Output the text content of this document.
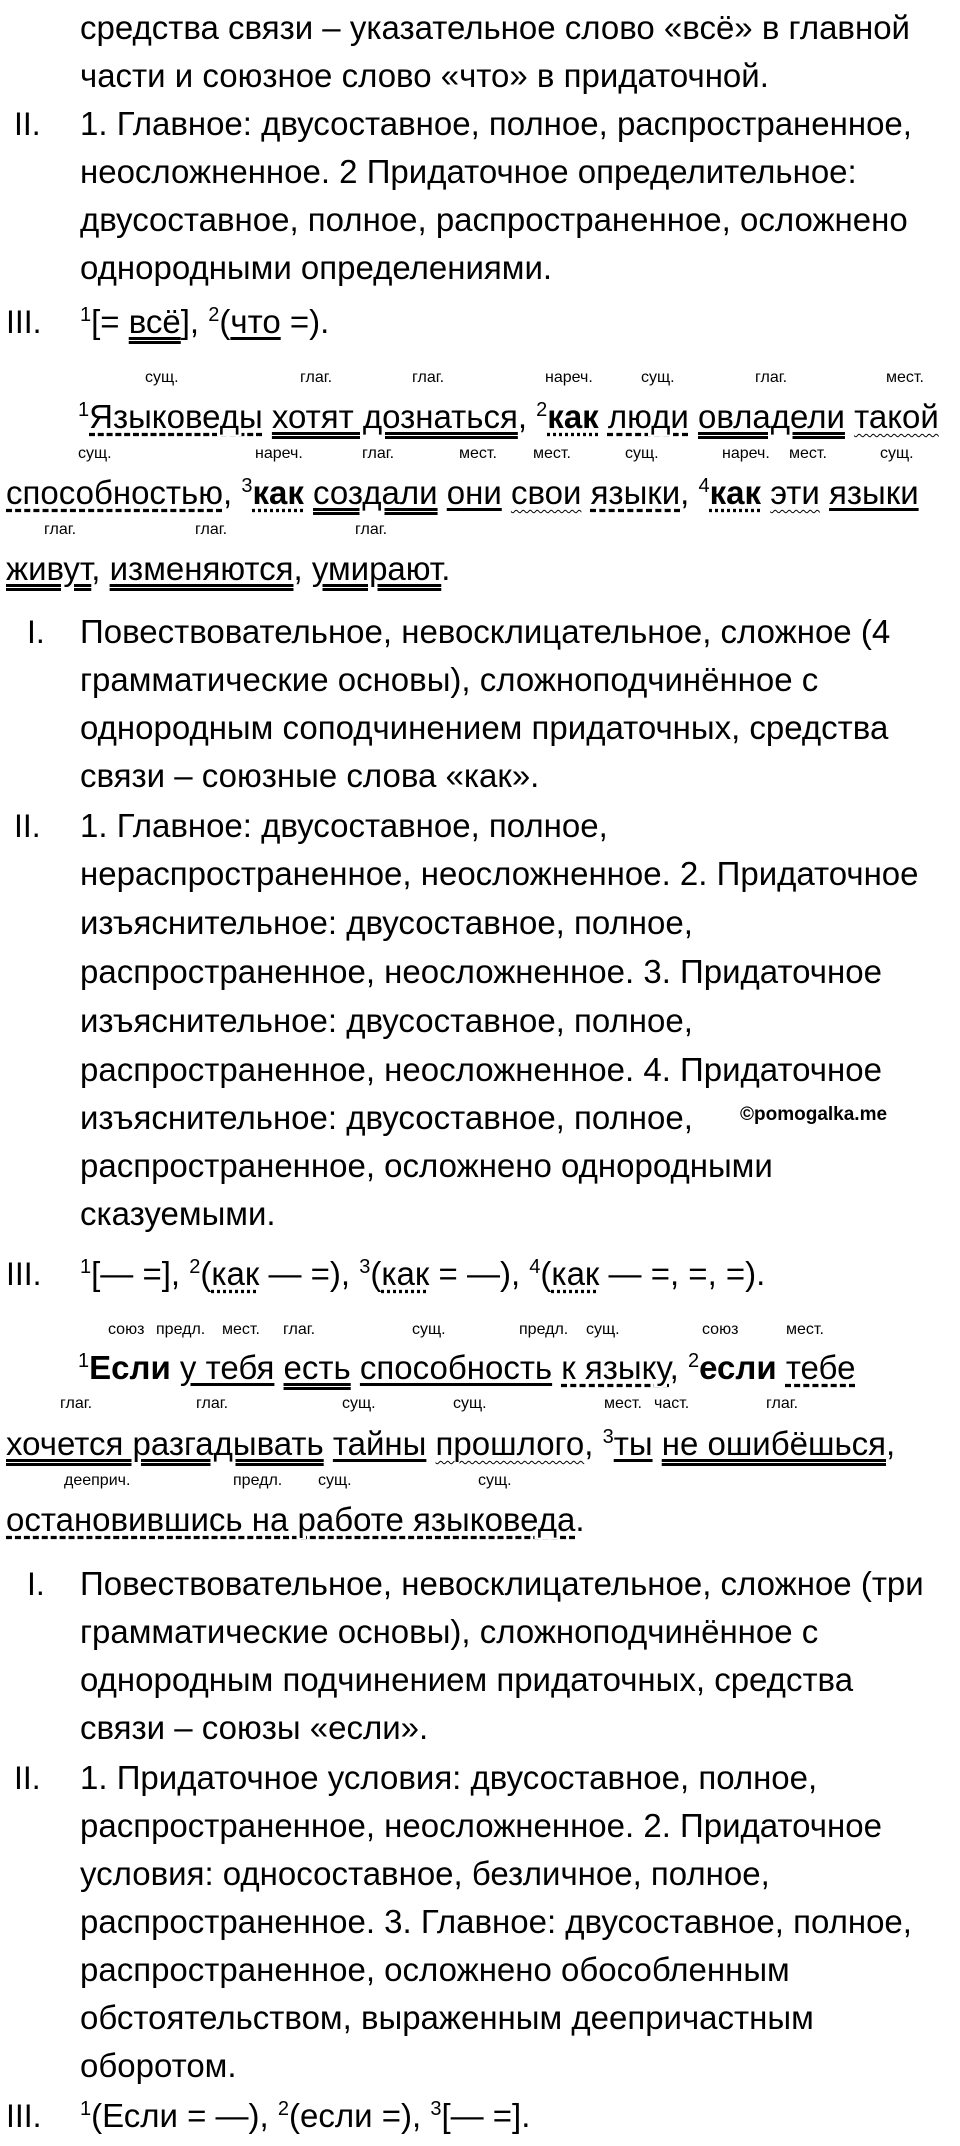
средства связи – указательное слово «всё» в главной
части и союзное слово «что» в придаточной.
II. 1. Главное: двусоставное, полное, распространенное,
неосложненное. 2 Придаточное определительное:
двусоставное, полное, распространенное, осложнено
однородными определениями.
III. $^1$[= всё], $^2$(что =).
сущ.	глаг.	глаг.	нареч.	сущ.	глаг.	мест.
$^1$Языковеды хотят дознаться, $^2$как люди овладели такой
сущ.	нареч.	глаг.	мест. мест.	сущ.	нареч. мест.	сущ.
способностью, $^3$как создали они свои языки, $^4$как эти языки
глаг.	глаг.	глаг.
живут, изменяются, умирают.
I. Повествовательное, невосклицательное, сложное (4
грамматические основы), сложноподчинённое с
однородным соподчинением придаточных, средства
связи – союзные слова «как».
II. 1. Главное: двусоставное, полное,
нераспространенное, неосложненное. 2. Придаточное
изъяснительное: двусоставное, полное,
распространенное, неосложненное. 3. Придаточное
изъяснительное: двусоставное, полное,
распространенное, неосложненное. 4. Придаточное
изъяснительное: двусоставное, полное, ©pomogalka.me
распространенное, осложнено однородными
сказуемыми.
III. $^1$[— =], $^2$(как — =), $^3$(как = —), $^4$(как — =, =, =).
союз предл. мест. глаг.	сущ.	предл. сущ.	союз	мест.
$^1$Если у тебя есть способность к языку, $^2$если тебе
глаг.	глаг.	сущ.	сущ.	мест. част.	глаг.
хочется разгадывать тайны прошлого, $^3$ты не ошибёшься,
дееприч.	предл. сущ.	сущ.
остановившись на работе языковеда.
I. Повествовательное, невосклицательное, сложное (три
грамматические основы), сложноподчинённое с
однородным подчинением придаточных, средства
связи – союзы «если».
II. 1. Придаточное условия: двусоставное, полное,
распространенное, неосложненное. 2. Придаточное
условия: односоставное, безличное, полное,
распространенное. 3. Главное: двусоставное, полное,
распространенное, осложнено обособленным
обстоятельством, выраженным деепричастным
оборотом.
III. $^1$(Если = —), $^2$(если =), $^3$[— =].
